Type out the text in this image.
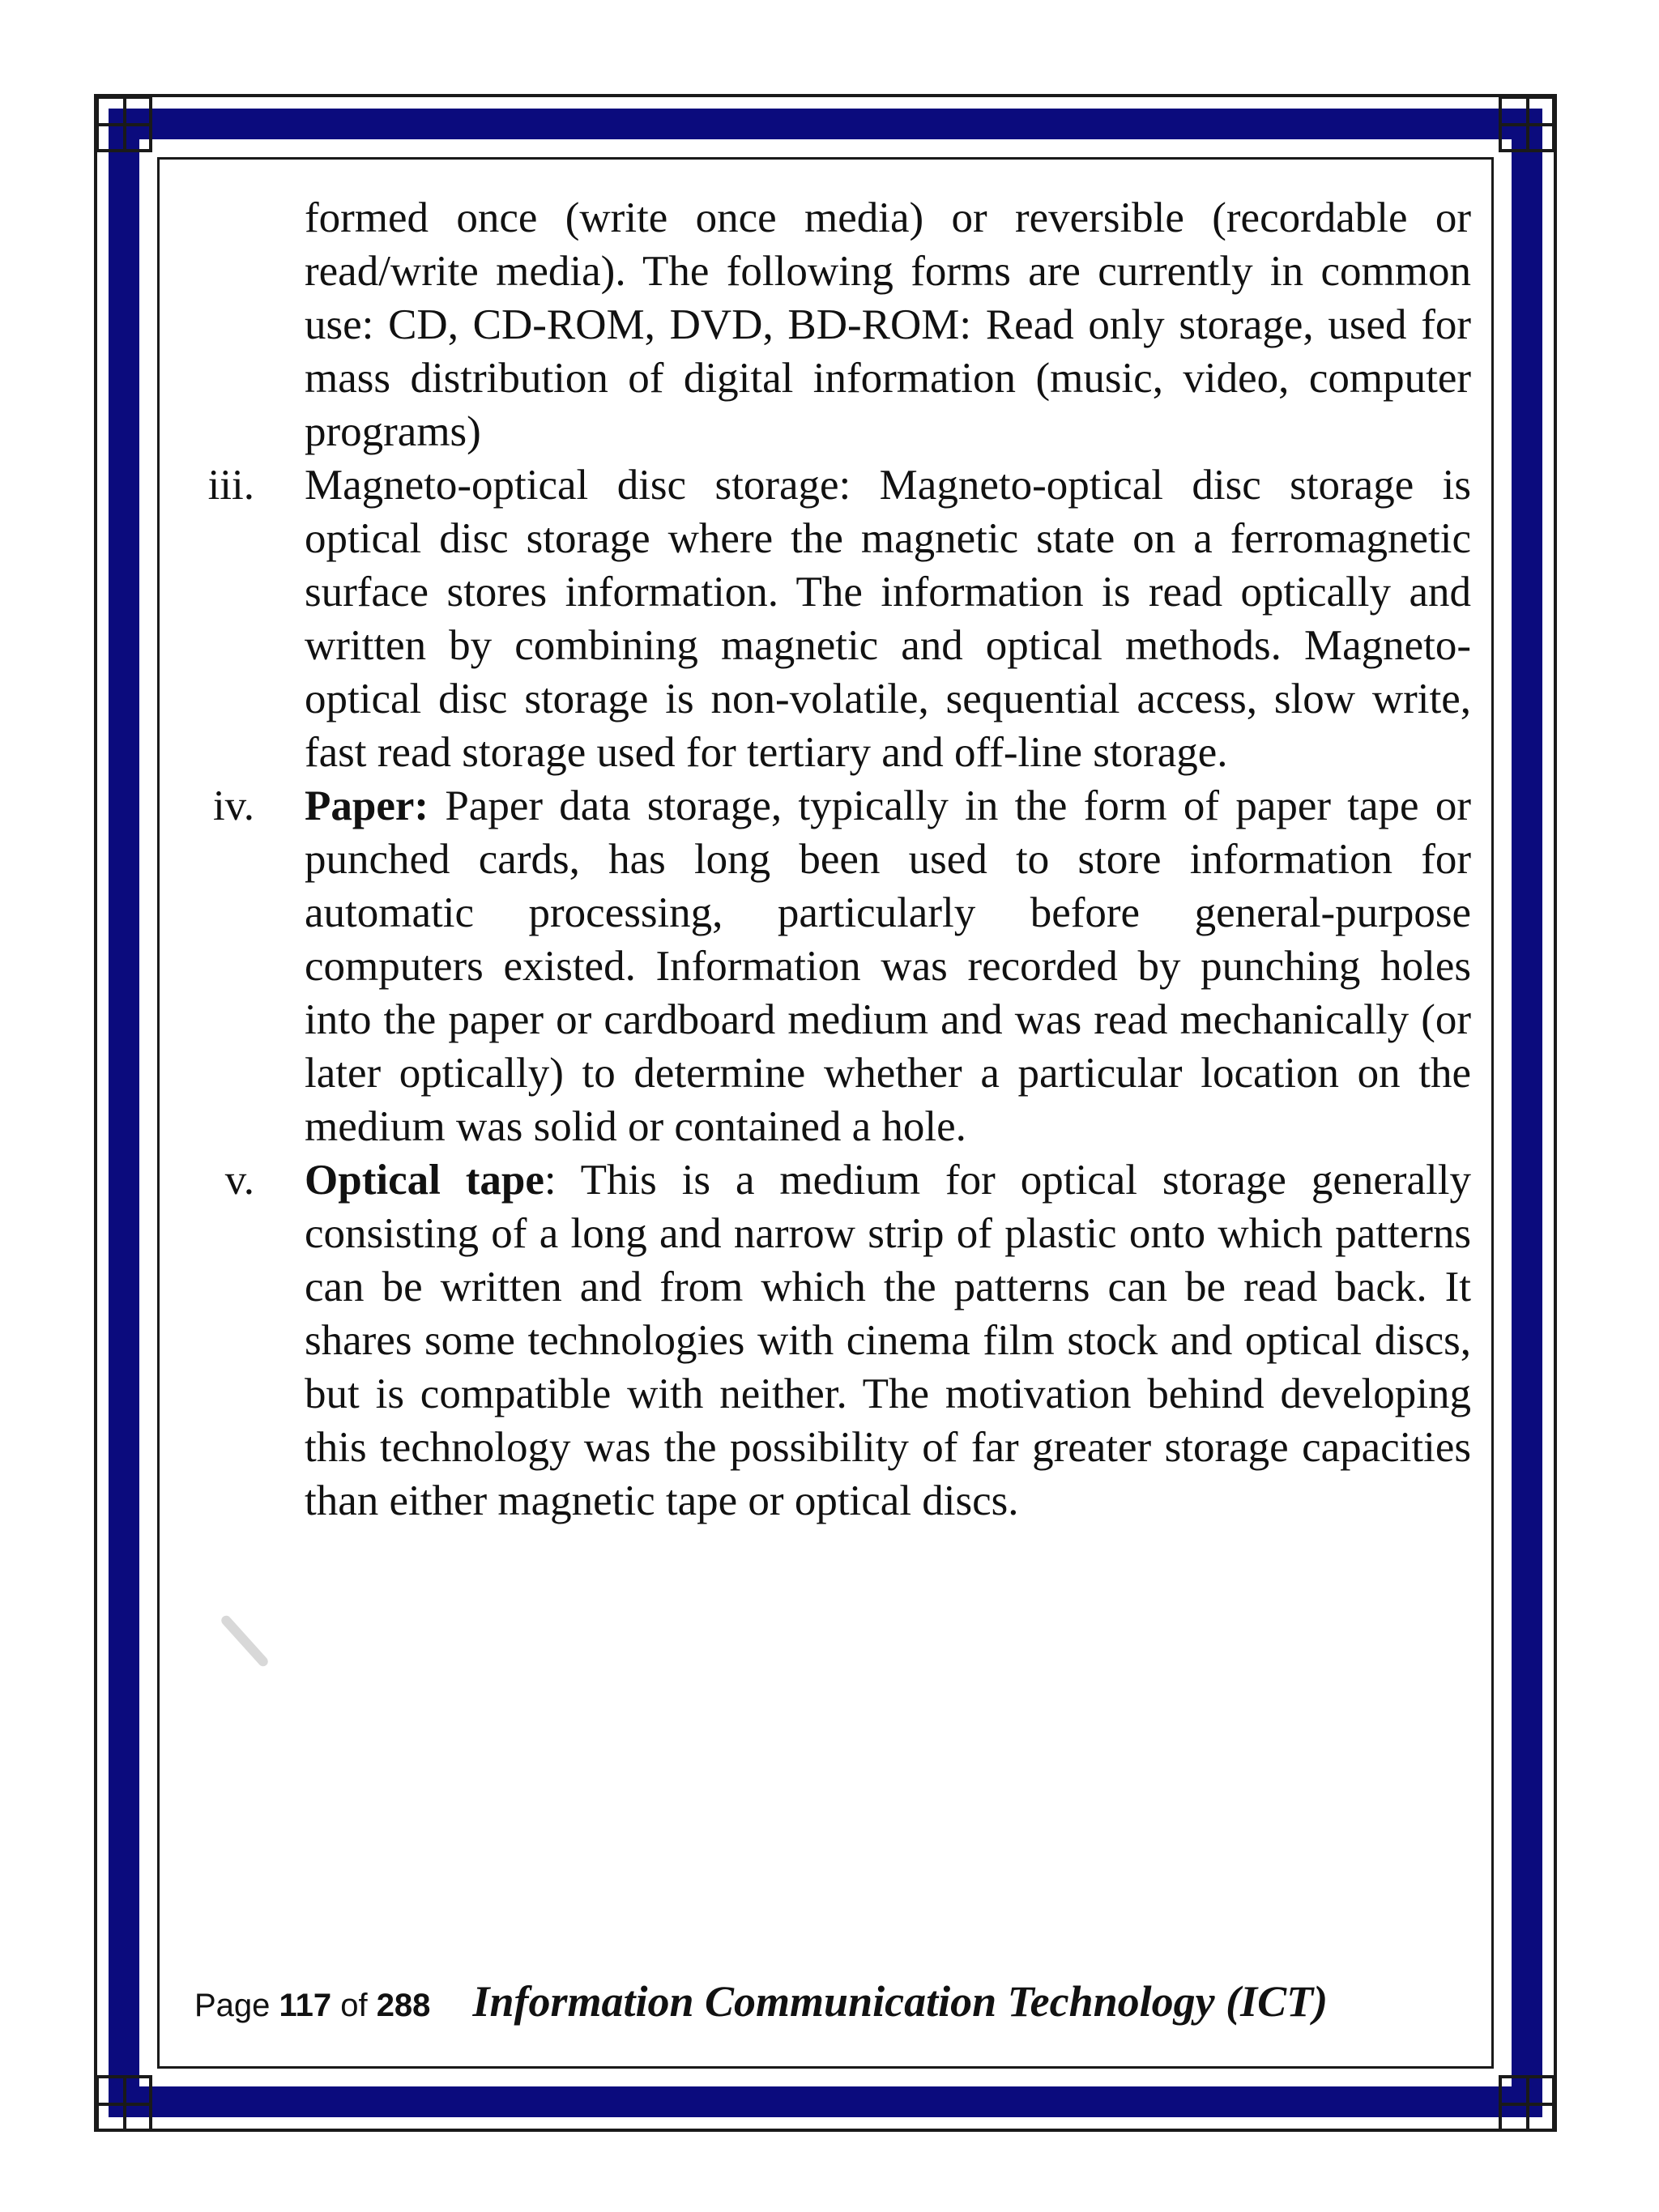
formed once (write once media) or reversible (recordable or read/write media). The following forms are currently in common use: CD, CD-ROM, DVD, BD-ROM: Read only storage, used for mass distribution of digital information (music, video, computer programs)

iii. Magneto-optical disc storage: Magneto-optical disc storage is optical disc storage where the magnetic state on a ferromagnetic surface stores information. The information is read optically and written by combining magnetic and optical methods. Magneto-optical disc storage is non-volatile, sequential access, slow write, fast read storage used for tertiary and off-line storage.

iv. Paper: Paper data storage, typically in the form of paper tape or punched cards, has long been used to store information for automatic processing, particularly before general-purpose computers existed. Information was recorded by punching holes into the paper or cardboard medium and was read mechanically (or later optically) to determine whether a particular location on the medium was solid or contained a hole.

v. Optical tape: This is a medium for optical storage generally consisting of a long and narrow strip of plastic onto which patterns can be written and from which the patterns can be read back. It shares some technologies with cinema film stock and optical discs, but is compatible with neither. The motivation behind developing this technology was the possibility of far greater storage capacities than either magnetic tape or optical discs.

Page 117 of 288 Information Communication Technology (ICT)
